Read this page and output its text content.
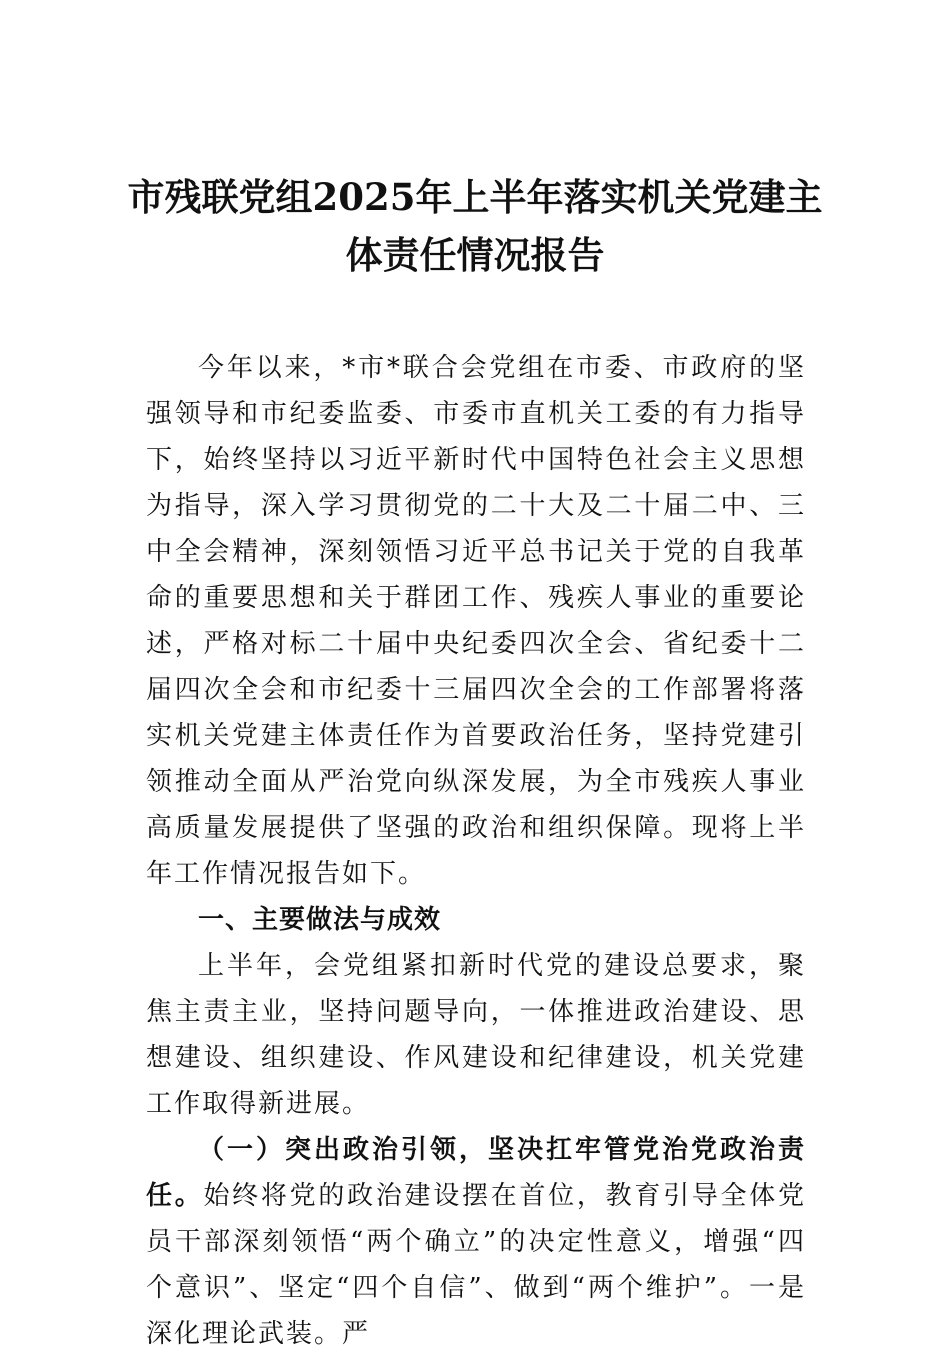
市残联党组2025年上半年落实机关党建主
体责任情况报告

今年以来，*市*联合会党组在市委、市政府的坚强领导和市纪委监委、市委市直机关工委的有力指导下，始终坚持以习近平新时代中国特色社会主义思想为指导，深入学习贯彻党的二十大及二十届二中、三中全会精神，深刻领悟习近平总书记关于党的自我革命的重要思想和关于群团工作、残疾人事业的重要论述，严格对标二十届中央纪委四次全会、省纪委十二届四次全会和市纪委十三届四次全会的工作部署将落实机关党建主体责任作为首要政治任务，坚持党建引领推动全面从严治党向纵深发展，为全市残疾人事业高质量发展提供了坚强的政治和组织保障。现将上半年工作情况报告如下。

一、主要做法与成效

上半年，会党组紧扣新时代党的建设总要求，聚焦主责主业，坚持问题导向，一体推进政治建设、思想建设、组织建设、作风建设和纪律建设，机关党建工作取得新进展。

（一）突出政治引领，坚决扛牢管党治党政治责任。始终将党的政治建设摆在首位，教育引导全体党员干部深刻领悟“两个确立”的决定性意义，增强“四个意识”、坚定“四个自信”、做到“两个维护”。一是深化理论武装。严
